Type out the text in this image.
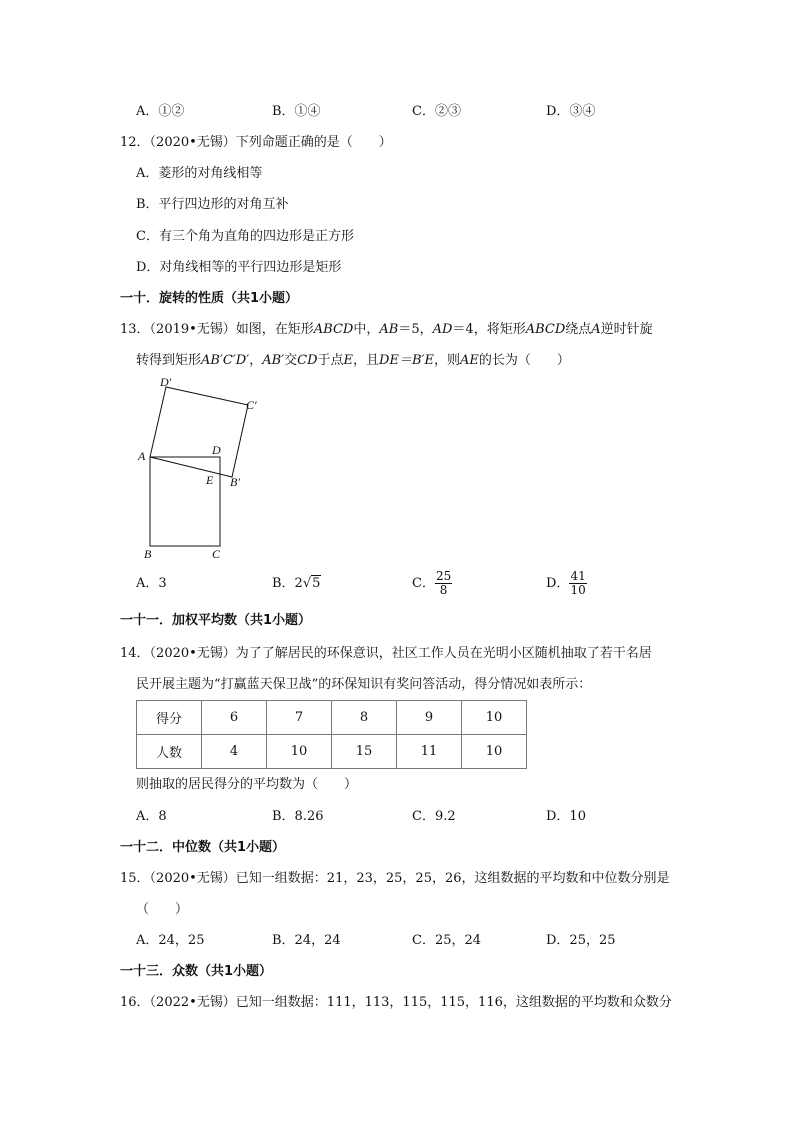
A．①②	B．①④	C．②③	D．③④
12．（2020•无锡）下列命题正确的是（　　）
A．菱形的对角线相等
B．平行四边形的对角互补
C．有三个角为直角的四边形是正方形
D．对角线相等的平行四边形是矩形
一十．旋转的性质（共1小题）
13．（2019•无锡）如图，在矩形ABCD中，AB＝5，AD＝4，将矩形ABCD绕点A逆时针旋
转得到矩形AB′C′D′，AB′交CD于点E，且DE＝B′E，则AE的长为（　　）
D′
C′
A	D
E B′
B	C
A．3	B．2√5	C． $\frac{25}{8}$	D． $\frac{41}{10}$
一十一．加权平均数（共1小题）
14．（2020•无锡）为了了解居民的环保意识，社区工作人员在光明小区随机抽取了若干名居
民开展主题为“打赢蓝天保卫战”的环保知识有奖问答活动，得分情况如表所示：
得分	6	7	8	9	10
人数	4	10	15	11	10
则抽取的居民得分的平均数为（　　）
A．8	B．8.26	C．9.2	D．10
一十二．中位数（共1小题）
15．（2020•无锡）已知一组数据：21，23，25，25，26，这组数据的平均数和中位数分别是
（　　）
A．24，25	B．24，24	C．25，24	D．25，25
一十三．众数（共1小题）
16．（2022•无锡）已知一组数据：111，113，115，115，116，这组数据的平均数和众数分
